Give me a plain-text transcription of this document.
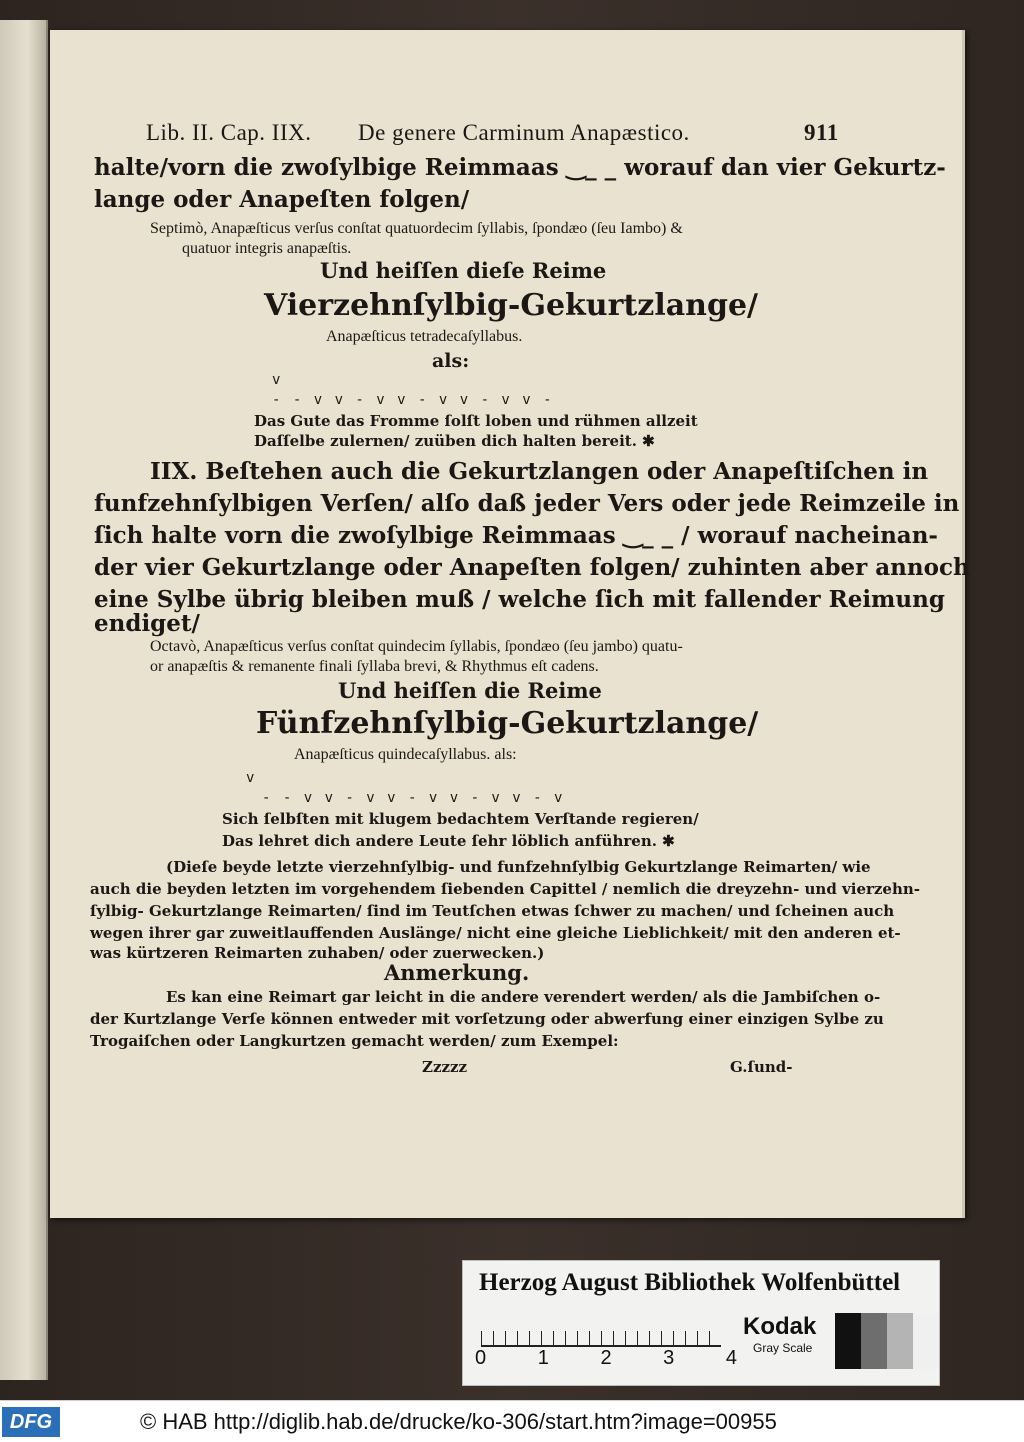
Lib. II. Cap. IIX. De genere Carminum Anapæstico.	911
halte/vorn die zwoſylbige Reimmaas ‿_ _ worauf dan vier Gekurtz-
lange oder Anapeſten folgen/
Septimò, Anapæſticus verſus conſtat quatuordecim ſyllabis, ſpondæo (ſeu Iambo) &
quatuor integris anapæſtis.
Und heiſſen dieſe Reime
Vierzehnſylbig-Gekurtzlange/
Anapæſticus tetradecaſyllabus.
als:
v
- - v v - v v - v v - v v -
Das Gute das Fromme ſolſt loben und rühmen allzeit
Daſſelbe zulernen/ zuüben dich halten bereit. ✱
IIX. Beſtehen auch die Gekurtzlangen oder Anapeſtiſchen in
funfzehnſylbigen Verſen/ alſo daß jeder Vers oder jede Reimzeile in
ſich halte vorn die zwoſylbige Reimmaas ‿_ _ / worauf nacheinan-
der vier Gekurtzlange oder Anapeſten folgen/ zuhinten aber annoch
eine Sylbe übrig bleiben muß / welche ſich mit fallender Reimung
endiget/
Octavò, Anapæſticus verſus conſtat quindecim ſyllabis, ſpondæo (ſeu jambo) quatu-
or anapæſtis & remanente finali ſyllaba brevi, & Rhythmus eſt cadens.
Und heiſſen die Reime
Fünfzehnſylbig-Gekurtzlange/
Anapæſticus quindecaſyllabus. als:
v
- - v v - v v - v v - v v - v
Sich ſelbſten mit klugem bedachtem Verſtande regieren/
Das lehret dich andere Leute ſehr löblich anführen. ✱
(Dieſe beyde letzte vierzehnſylbig- und funfzehnſylbig Gekurtzlange Reimarten/ wie
auch die beyden letzten im vorgehendem ſiebenden Capittel / nemlich die dreyzehn- und vierzehn-
ſylbig- Gekurtzlange Reimarten/ ſind im Teutſchen etwas ſchwer zu machen/ und ſcheinen auch
wegen ihrer gar zuweitlauffenden Auslänge/ nicht eine gleiche Lieblichkeit/ mit den anderen et-
was kürtzeren Reimarten zuhaben/ oder zuerwecken.)
Anmerkung.
Es kan eine Reimart gar leicht in die andere verendert werden/ als die Jambiſchen o-
der Kurtzlange Verſe können entweder mit vorſetzung oder abwerfung einer einzigen Sylbe zu
Trogaiſchen oder Langkurtzen gemacht werden/ zum Exempel:
Zzzzz	G.ſund-
Herzog August Bibliothek Wolfenbüttel
0	1	2	3	4
Kodak
Gray Scale
DFG	© HAB http://diglib.hab.de/drucke/ko-306/start.htm?image=00955
